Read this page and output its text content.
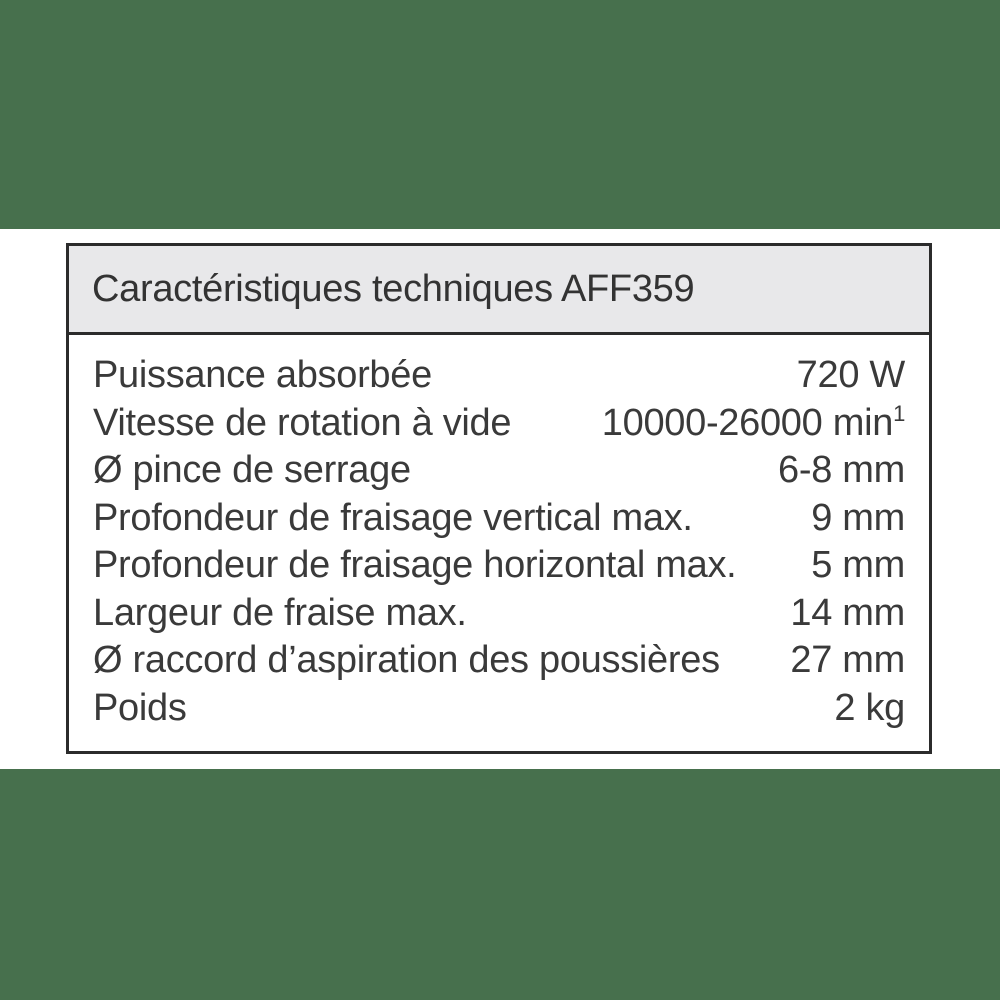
Caractéristiques techniques AFF359
Puissance absorbée	720 W
Vitesse de rotation à vide 10000-26000 $\min^1$
Ø pince de serrage	6-8 mm
Profondeur de fraisage vertical max.	9 mm
Profondeur de fraisage horizontal max. 5 mm
Largeur de fraise max.	14 mm
Ø raccord d’aspiration des poussières 27 mm
Poids	2 kg
